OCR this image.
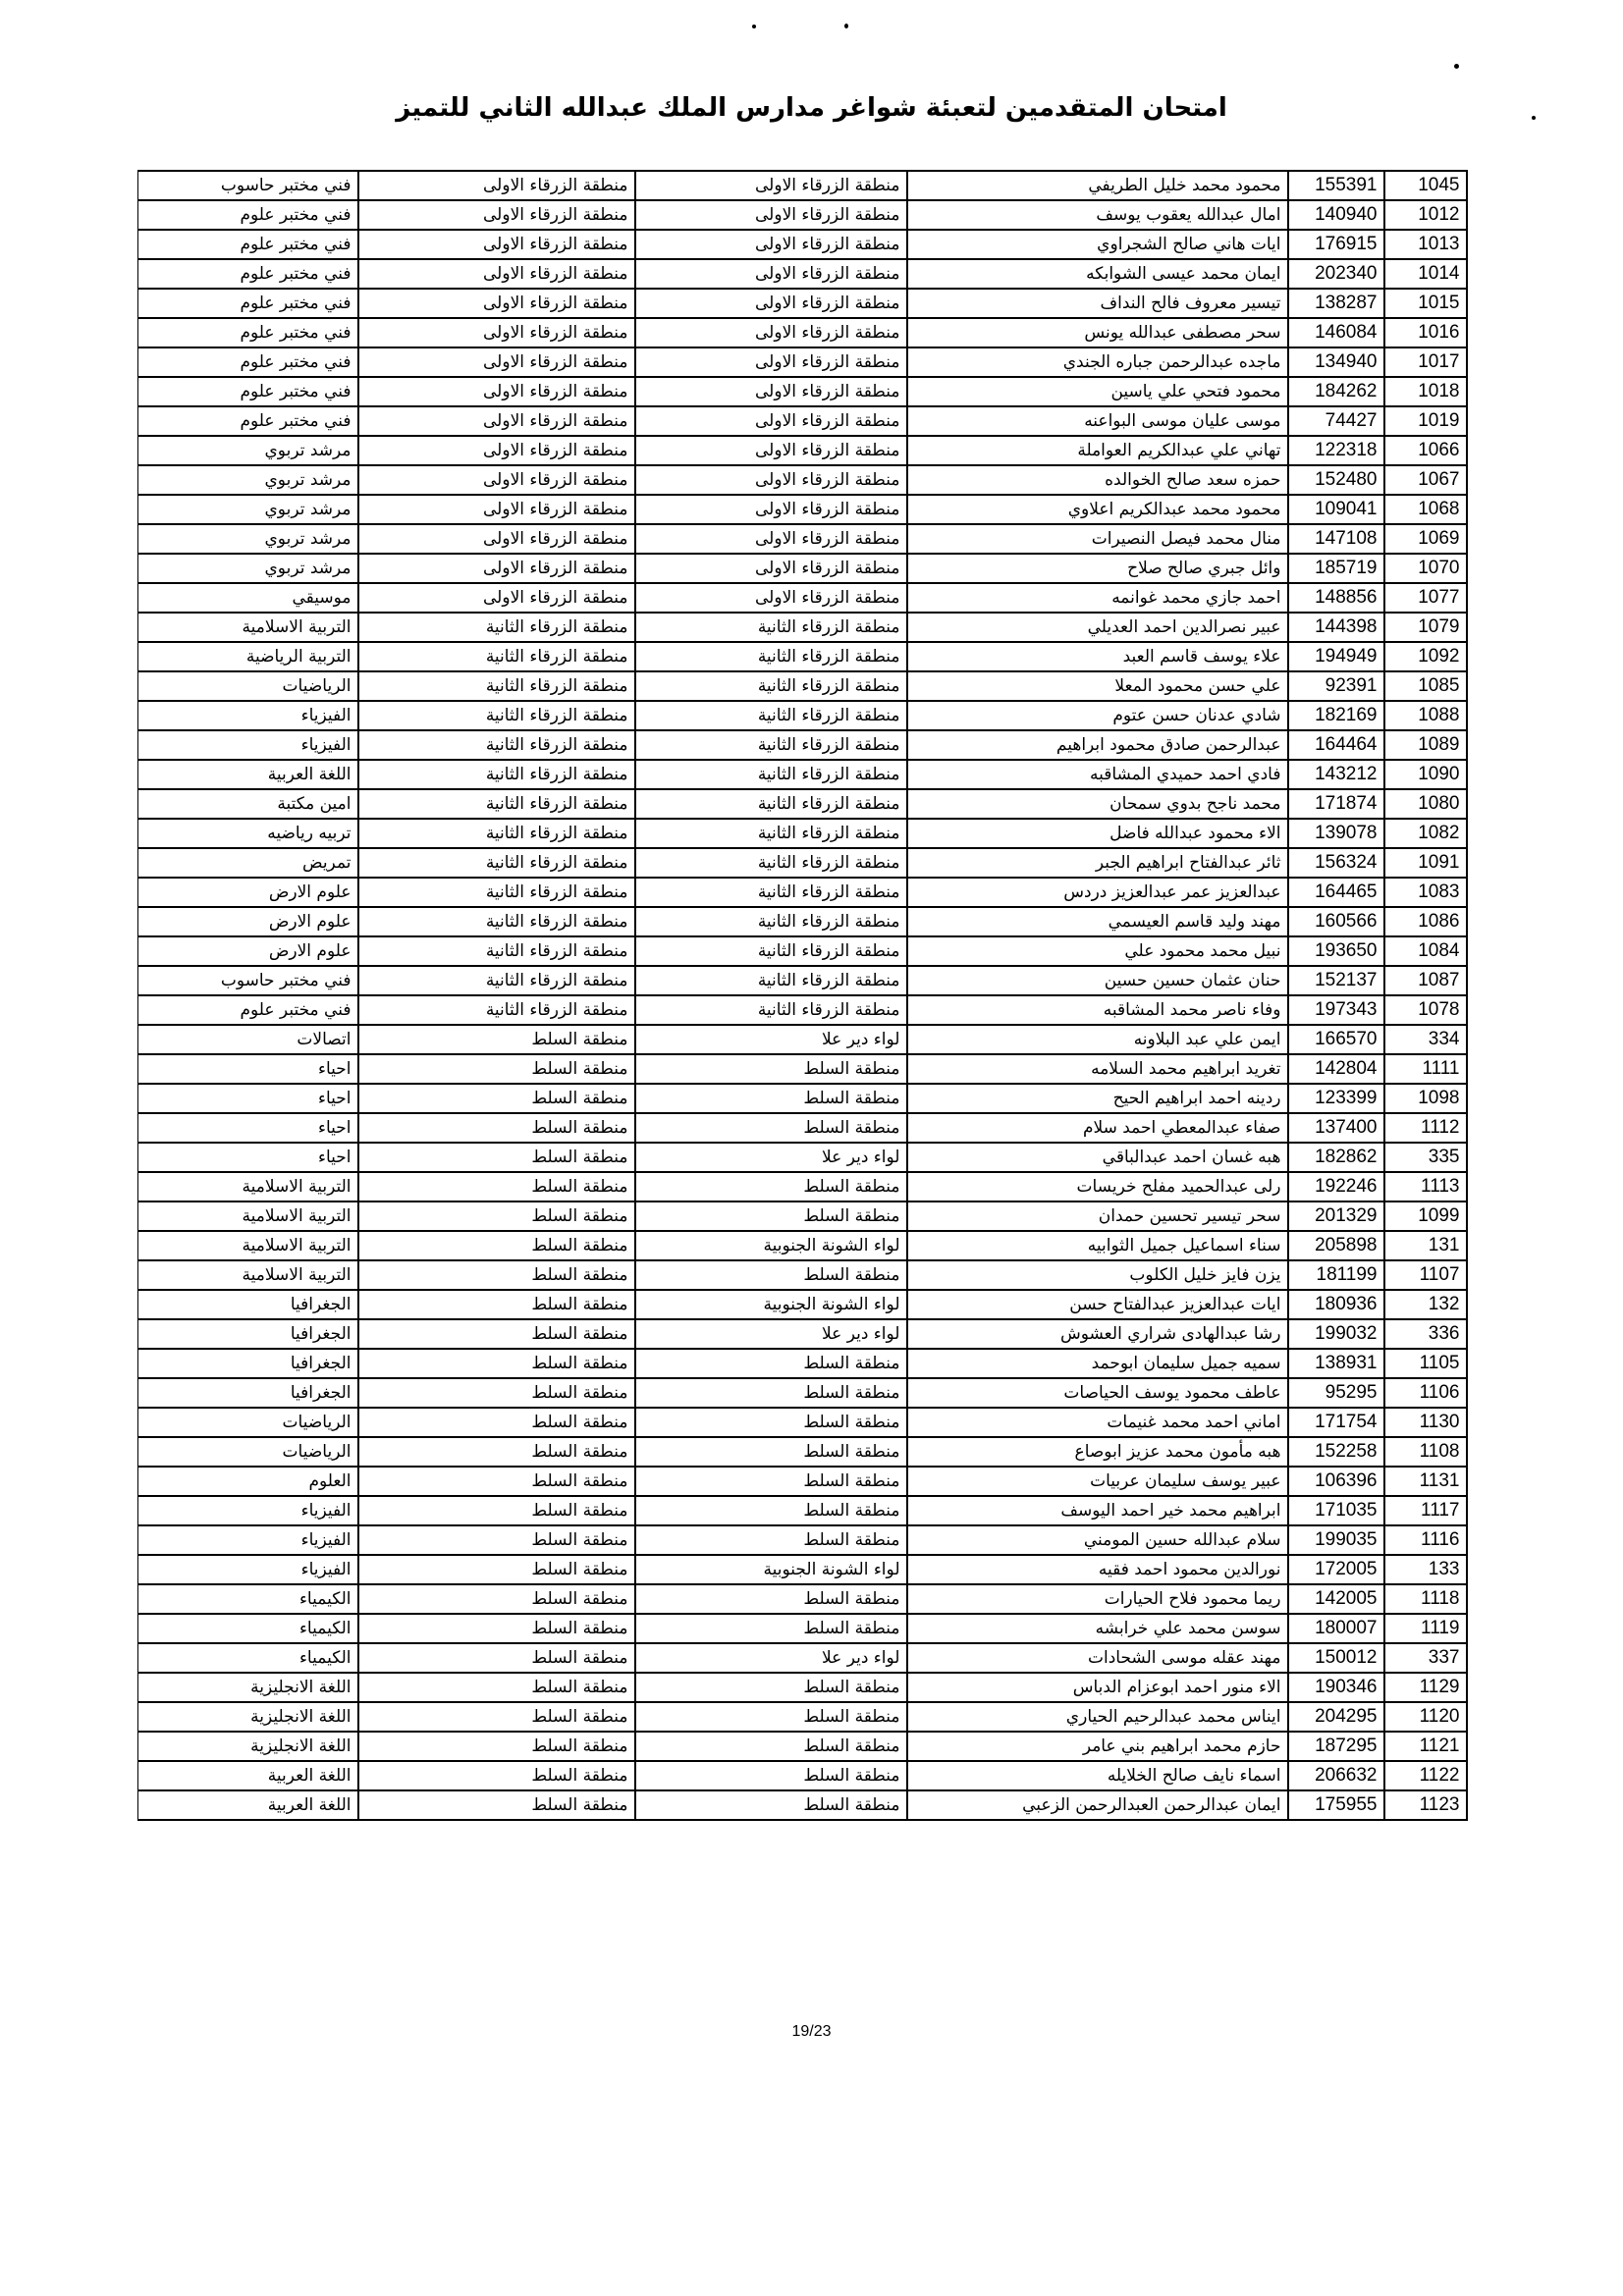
امتحان المتقدمين لتعبئة شواغر مدارس الملك عبدالله الثاني للتميز
فني مختبر حاسوب	منطقة الزرقاء الاولى	منطقة الزرقاء الاولى	محمود محمد خليل الطريفي	155391	1045
فني مختبر علوم	منطقة الزرقاء الاولى	منطقة الزرقاء الاولى	امال عبدالله يعقوب يوسف	140940	1012
فني مختبر علوم	منطقة الزرقاء الاولى	منطقة الزرقاء الاولى	ايات هاني صالح الشجراوي	176915	1013
فني مختبر علوم	منطقة الزرقاء الاولى	منطقة الزرقاء الاولى	ايمان محمد عيسى الشوابكه	202340	1014
فني مختبر علوم	منطقة الزرقاء الاولى	منطقة الزرقاء الاولى	تيسير معروف فالح النداف	138287	1015
فني مختبر علوم	منطقة الزرقاء الاولى	منطقة الزرقاء الاولى	سحر مصطفى عبدالله يونس	146084	1016
فني مختبر علوم	منطقة الزرقاء الاولى	منطقة الزرقاء الاولى	ماجده عبدالرحمن جباره الجندي	134940	1017
فني مختبر علوم	منطقة الزرقاء الاولى	منطقة الزرقاء الاولى	محمود فتحي علي ياسين	184262	1018
فني مختبر علوم	منطقة الزرقاء الاولى	منطقة الزرقاء الاولى	موسى عليان موسى البواعنه	74427	1019
مرشد تربوي	منطقة الزرقاء الاولى	منطقة الزرقاء الاولى	تهاني علي عبدالكريم العواملة	122318	1066
مرشد تربوي	منطقة الزرقاء الاولى	منطقة الزرقاء الاولى	حمزه سعد صالح الخوالده	152480	1067
مرشد تربوي	منطقة الزرقاء الاولى	منطقة الزرقاء الاولى	محمود محمد عبدالكريم اعلاوي	109041	1068
مرشد تربوي	منطقة الزرقاء الاولى	منطقة الزرقاء الاولى	منال محمد فيصل النصيرات	147108	1069
مرشد تربوي	منطقة الزرقاء الاولى	منطقة الزرقاء الاولى	وائل جبري صالح صلاح	185719	1070
موسيقي	منطقة الزرقاء الاولى	منطقة الزرقاء الاولى	احمد جازي محمد غوانمه	148856	1077
التربية الاسلامية	منطقة الزرقاء الثانية	منطقة الزرقاء الثانية	عبير نصرالدين احمد العديلي	144398	1079
التربية الرياضية	منطقة الزرقاء الثانية	منطقة الزرقاء الثانية	علاء يوسف قاسم العبد	194949	1092
الرياضيات	منطقة الزرقاء الثانية	منطقة الزرقاء الثانية	علي حسن محمود المعلا	92391	1085
الفيزياء	منطقة الزرقاء الثانية	منطقة الزرقاء الثانية	شادي عدنان حسن عتوم	182169	1088
الفيزياء	منطقة الزرقاء الثانية	منطقة الزرقاء الثانية	عبدالرحمن صادق محمود ابراهيم	164464	1089
اللغة العربية	منطقة الزرقاء الثانية	منطقة الزرقاء الثانية	فادي احمد حميدي المشاقبه	143212	1090
امين مكتبة	منطقة الزرقاء الثانية	منطقة الزرقاء الثانية	محمد ناجح بدوي سمحان	171874	1080
تربيه رياضيه	منطقة الزرقاء الثانية	منطقة الزرقاء الثانية	الاء محمود عبدالله فاضل	139078	1082
تمريض	منطقة الزرقاء الثانية	منطقة الزرقاء الثانية	ثائر عبدالفتاح ابراهيم الجبر	156324	1091
علوم الارض	منطقة الزرقاء الثانية	منطقة الزرقاء الثانية	عبدالعزيز عمر عبدالعزيز دردس	164465	1083
علوم الارض	منطقة الزرقاء الثانية	منطقة الزرقاء الثانية	مهند وليد قاسم العيسمي	160566	1086
علوم الارض	منطقة الزرقاء الثانية	منطقة الزرقاء الثانية	نبيل محمد محمود علي	193650	1084
فني مختبر حاسوب	منطقة الزرقاء الثانية	منطقة الزرقاء الثانية	حنان عثمان حسين حسين	152137	1087
فني مختبر علوم	منطقة الزرقاء الثانية	منطقة الزرقاء الثانية	وفاء ناصر محمد المشاقبه	197343	1078
اتصالات	منطقة السلط	لواء دير علا	ايمن علي عبد البلاونه	166570	334
احياء	منطقة السلط	منطقة السلط	تغريد ابراهيم محمد السلامه	142804	1111
احياء	منطقة السلط	منطقة السلط	ردينه احمد ابراهيم الحيح	123399	1098
احياء	منطقة السلط	منطقة السلط	صفاء عبدالمعطي احمد سلام	137400	1112
احياء	منطقة السلط	لواء دير علا	هبه غسان احمد عبدالباقي	182862	335
التربية الاسلامية	منطقة السلط	منطقة السلط	رلى عبدالحميد مفلح خريسات	192246	1113
التربية الاسلامية	منطقة السلط	منطقة السلط	سحر تيسير تحسين حمدان	201329	1099
التربية الاسلامية	منطقة السلط	لواء الشونة الجنوبية	سناء اسماعيل جميل الثوابيه	205898	131
التربية الاسلامية	منطقة السلط	منطقة السلط	يزن فايز خليل الكلوب	181199	1107
الجغرافيا	منطقة السلط	لواء الشونة الجنوبية	ايات عبدالعزيز عبدالفتاح حسن	180936	132
الجغرافيا	منطقة السلط	لواء دير علا	رشا عبدالهادى شراري العشوش	199032	336
الجغرافيا	منطقة السلط	منطقة السلط	سميه جميل سليمان ابوحمد	138931	1105
الجغرافيا	منطقة السلط	منطقة السلط	عاطف محمود يوسف الحياصات	95295	1106
الرياضيات	منطقة السلط	منطقة السلط	اماني احمد محمد غنيمات	171754	1130
الرياضيات	منطقة السلط	منطقة السلط	هبه مأمون محمد عزيز ابوصاع	152258	1108
العلوم	منطقة السلط	منطقة السلط	عبير يوسف سليمان عربيات	106396	1131
الفيزياء	منطقة السلط	منطقة السلط	ابراهيم محمد خير احمد اليوسف	171035	1117
الفيزياء	منطقة السلط	منطقة السلط	سلام عبدالله حسين المومني	199035	1116
الفيزياء	منطقة السلط	لواء الشونة الجنوبية	نورالدين محمود احمد فقيه	172005	133
الكيمياء	منطقة السلط	منطقة السلط	ريما محمود فلاح الحيارات	142005	1118
الكيمياء	منطقة السلط	منطقة السلط	سوسن محمد علي خرابشه	180007	1119
الكيمياء	منطقة السلط	لواء دير علا	مهند عقله موسى الشحادات	150012	337
اللغة الانجليزية	منطقة السلط	منطقة السلط	الاء منور احمد ابوعزام الدباس	190346	1129
اللغة الانجليزية	منطقة السلط	منطقة السلط	ايناس محمد عبدالرحيم الحياري	204295	1120
اللغة الانجليزية	منطقة السلط	منطقة السلط	حازم محمد ابراهيم بني عامر	187295	1121
اللغة العربية	منطقة السلط	منطقة السلط	اسماء نايف صالح الخلايله	206632	1122
اللغة العربية	منطقة السلط	منطقة السلط	ايمان عبدالرحمن العبدالرحمن الزعبي	175955	1123
19/23
